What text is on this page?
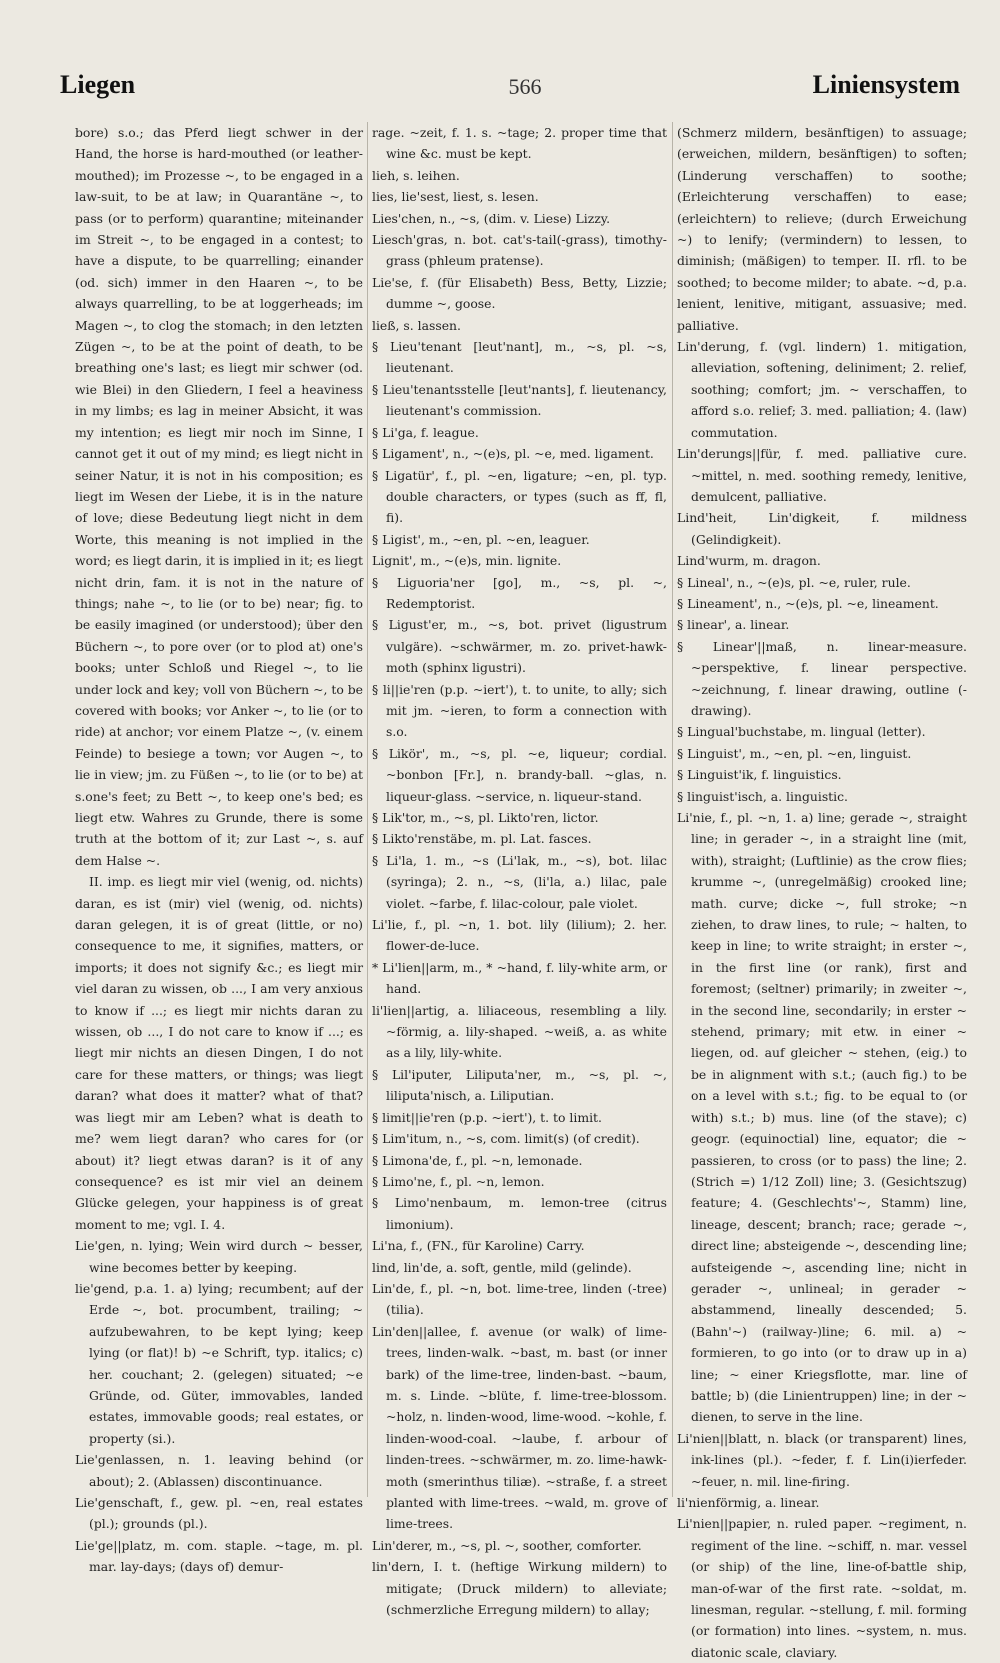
Liegen	566	Liniensystem

bore) s.o.; das Pferd liegt schwer in der Hand, the horse is hard-mouthed (or leather-mouthed); im Prozesse ~, to be engaged in a law-suit, to be at law; in Quarantäne ~, to pass (or to perform) quarantine; miteinander im Streit ~, to be engaged in a contest; to have a dispute, to be quarrelling; einander (od. sich) immer in den Haaren ~, to be always quarrelling, to be at loggerheads; im Magen ~, to clog the stomach; in den letzten Zügen ~, to be at the point of death, to be breathing one's last; es liegt mir schwer (od. wie Blei) in den Gliedern, I feel a heaviness in my limbs; es lag in meiner Absicht, it was my intention; es liegt mir noch im Sinne, I cannot get it out of my mind; es liegt nicht in seiner Natur, it is not in his composition; es liegt im Wesen der Liebe, it is in the nature of love; diese Bedeutung liegt nicht in dem Worte, this meaning is not implied in the word; es liegt darin, it is implied in it; es liegt nicht drin, fam. it is not in the nature of things; nahe ~, to lie (or to be) near; fig. to be easily imagined (or understood); über den Büchern ~, to pore over (or to plod at) one's books; unter Schloß und Riegel ~, to lie under lock and key; voll von Büchern ~, to be covered with books; vor Anker ~, to lie (or to ride) at anchor; vor einem Platze ~, (v. einem Feinde) to besiege a town; vor Augen ~, to lie in view; jm. zu Füßen ~, to lie (or to be) at s.one's feet; zu Bett ~, to keep one's bed; es liegt etw. Wahres zu Grunde, there is some truth at the bottom of it; zur Last ~, s. auf dem Halse ~.

II. imp. es liegt mir viel (wenig, od. nichts) daran, es ist (mir) viel (wenig, od. nichts) daran gelegen, it is of great (little, or no) consequence to me, it signifies, matters, or imports; it does not signify &c.; es liegt mir viel daran zu wissen, ob ..., I am very anxious to know if ...; es liegt mir nichts daran zu wissen, ob ..., I do not care to know if ...; es liegt mir nichts an diesen Dingen, I do not care for these matters, or things; was liegt daran? what does it matter? what of that? was liegt mir am Leben? what is death to me? wem liegt daran? who cares for (or about) it? liegt etwas daran? is it of any consequence? es ist mir viel an deinem Glücke gelegen, your happiness is of great moment to me; vgl. I. 4.

Lie'gen, n. lying; Wein wird durch ~ besser, wine becomes better by keeping.

lie'gend, p.a. 1. a) lying; recumbent; auf der Erde ~, bot. procumbent, trailing; ~ aufzubewahren, to be kept lying; keep lying (or flat)! b) ~e Schrift, typ. italics; c) her. couchant; 2. (gelegen) situated; ~e Gründe, od. Güter, immovables, landed estates, immovable goods; real estates, or property (si.).

Lie'genlassen, n. 1. leaving behind (or about); 2. (Ablassen) discontinuance.

Lie'genschaft, f., gew. pl. ~en, real estates (pl.); grounds (pl.).

Lie'ge||platz, m. com. staple. ~tage, m. pl. mar. lay-days; (days of) demur-

rage. ~zeit, f. 1. s. ~tage; 2. proper time that wine &c. must be kept.

lieh, s. leihen.

lies, lie'sest, liest, s. lesen.

Lies'chen, n., ~s, (dim. v. Liese) Lizzy.

Liesch'gras, n. bot. cat's-tail(-grass), timothy-grass (phleum pratense).

Lie'se, f. (für Elisabeth) Bess, Betty, Lizzie; dumme ~, goose.

ließ, s. lassen.

§ Lieu'tenant [leut'nant], m., ~s, pl. ~s, lieutenant.

§ Lieu'tenantsstelle [leut'nants], f. lieutenancy, lieutenant's commission.

§ Li'ga, f. league.

§ Ligament', n., ~(e)s, pl. ~e, med. ligament.

§ Ligatür', f., pl. ~en, ligature; ~en, pl. typ. double characters, or types (such as ff, fl, fi).

§ Ligist', m., ~en, pl. ~en, leaguer.

Lignit', m., ~(e)s, min. lignite.

§ Liguoria'ner [go], m., ~s, pl. ~, Redemptorist.

§ Ligust'er, m., ~s, bot. privet (ligustrum vulgäre). ~schwärmer, m. zo. privet-hawk-moth (sphinx ligustri).

§ li||ie'ren (p.p. ~iert'), t. to unite, to ally; sich mit jm. ~ieren, to form a connection with s.o.

§ Likör', m., ~s, pl. ~e, liqueur; cordial. ~bonbon [Fr.], n. brandy-ball. ~glas, n. liqueur-glass. ~service, n. liqueur-stand.

§ Lik'tor, m., ~s, pl. Likto'ren, lictor.

§ Likto'renstäbe, m. pl. Lat. fasces.

§ Li'la, 1. m., ~s (Li'lak, m., ~s), bot. lilac (syringa); 2. n., ~s, (li'la, a.) lilac, pale violet. ~farbe, f. lilac-colour, pale violet.

Li'lie, f., pl. ~n, 1. bot. lily (lilium); 2. her. flower-de-luce.

* Li'lien||arm, m., * ~hand, f. lily-white arm, or hand.

li'lien||artig, a. liliaceous, resembling a lily. ~förmig, a. lily-shaped. ~weiß, a. as white as a lily, lily-white.

§ Lil'iputer, Liliputa'ner, m., ~s, pl. ~, liliputa'nisch, a. Liliputian.

§ limit||ie'ren (p.p. ~iert'), t. to limit.

§ Lim'itum, n., ~s, com. limit(s) (of credit).

§ Limona'de, f., pl. ~n, lemonade.

§ Limo'ne, f., pl. ~n, lemon.

§ Limo'nenbaum, m. lemon-tree (citrus limonium).

Li'na, f., (FN., für Karoline) Carry.

lind, lin'de, a. soft, gentle, mild (gelinde).

Lin'de, f., pl. ~n, bot. lime-tree, linden (-tree) (tilia).

Lin'den||allee, f. avenue (or walk) of lime-trees, linden-walk. ~bast, m. bast (or inner bark) of the lime-tree, linden-bast. ~baum, m. s. Linde. ~blüte, f. lime-tree-blossom. ~holz, n. linden-wood, lime-wood. ~kohle, f. linden-wood-coal. ~laube, f. arbour of linden-trees. ~schwärmer, m. zo. lime-hawk-moth (smerinthus tiliæ). ~straße, f. a street planted with lime-trees. ~wald, m. grove of lime-trees.

Lin'derer, m., ~s, pl. ~, soother, comforter.

lin'dern, I. t. (heftige Wirkung mildern) to mitigate; (Druck mildern) to alleviate; (schmerzliche Erregung mildern) to allay;

(Schmerz mildern, besänftigen) to assuage; (erweichen, mildern, besänftigen) to soften; (Linderung verschaffen) to soothe; (Erleichterung verschaffen) to ease; (erleichtern) to relieve; (durch Erweichung ~) to lenify; (vermindern) to lessen, to diminish; (mäßigen) to temper. II. rfl. to be soothed; to become milder; to abate. ~d, p.a. lenient, lenitive, mitigant, assuasive; med. palliative.

Lin'derung, f. (vgl. lindern) 1. mitigation, alleviation, softening, deliniment; 2. relief, soothing; comfort; jm. ~ verschaffen, to afford s.o. relief; 3. med. palliation; 4. (law) commutation.

Lin'derungs||für, f. med. palliative cure. ~mittel, n. med. soothing remedy, lenitive, demulcent, palliative.

Lind'heit, Lin'digkeit, f. mildness (Gelindigkeit).

Lind'wurm, m. dragon.

§ Lineal', n., ~(e)s, pl. ~e, ruler, rule.

§ Lineament', n., ~(e)s, pl. ~e, lineament.

§ linear', a. linear.

§ Linear'||maß, n. linear-measure. ~perspektive, f. linear perspective. ~zeichnung, f. linear drawing, outline (-drawing).

§ Lingual'buchstabe, m. lingual (letter).

§ Linguist', m., ~en, pl. ~en, linguist.

§ Linguist'ik, f. linguistics.

§ linguist'isch, a. linguistic.

Li'nie, f., pl. ~n, 1. a) line; gerade ~, straight line; in gerader ~, in a straight line (mit, with), straight; (Luftlinie) as the crow flies; krumme ~, (unregelmäßig) crooked line; math. curve; dicke ~, full stroke; ~n ziehen, to draw lines, to rule; ~ halten, to keep in line; to write straight; in erster ~, in the first line (or rank), first and foremost; (seltner) primarily; in zweiter ~, in the second line, secondarily; in erster ~ stehend, primary; mit etw. in einer ~ liegen, od. auf gleicher ~ stehen, (eig.) to be in alignment with s.t.; (auch fig.) to be on a level with s.t.; fig. to be equal to (or with) s.t.; b) mus. line (of the stave); c) geogr. (equinoctial) line, equator; die ~ passieren, to cross (or to pass) the line; 2. (Strich =) 1/12 Zoll) line; 3. (Gesichtszug) feature; 4. (Geschlechts'~, Stamm) line, lineage, descent; branch; race; gerade ~, direct line; absteigende ~, descending line; aufsteigende ~, ascending line; nicht in gerader ~, unlineal; in gerader ~ abstammend, lineally descended; 5. (Bahn'~) (railway-)line; 6. mil. a) ~ formieren, to go into (or to draw up in a) line; ~ einer Kriegsflotte, mar. line of battle; b) (die Linientruppen) line; in der ~ dienen, to serve in the line.

Li'nien||blatt, n. black (or transparent) lines, ink-lines (pl.). ~feder, f. f. Lin(i)ierfeder. ~feuer, n. mil. line-firing.

li'nienförmig, a. linear.

Li'nien||papier, n. ruled paper. ~regiment, n. regiment of the line. ~schiff, n. mar. vessel (or ship) of the line, line-of-battle ship, man-of-war of the first rate. ~soldat, m. linesman, regular. ~stellung, f. mil. forming (or formation) into lines. ~system, n. mus. diatonic scale, claviary.
